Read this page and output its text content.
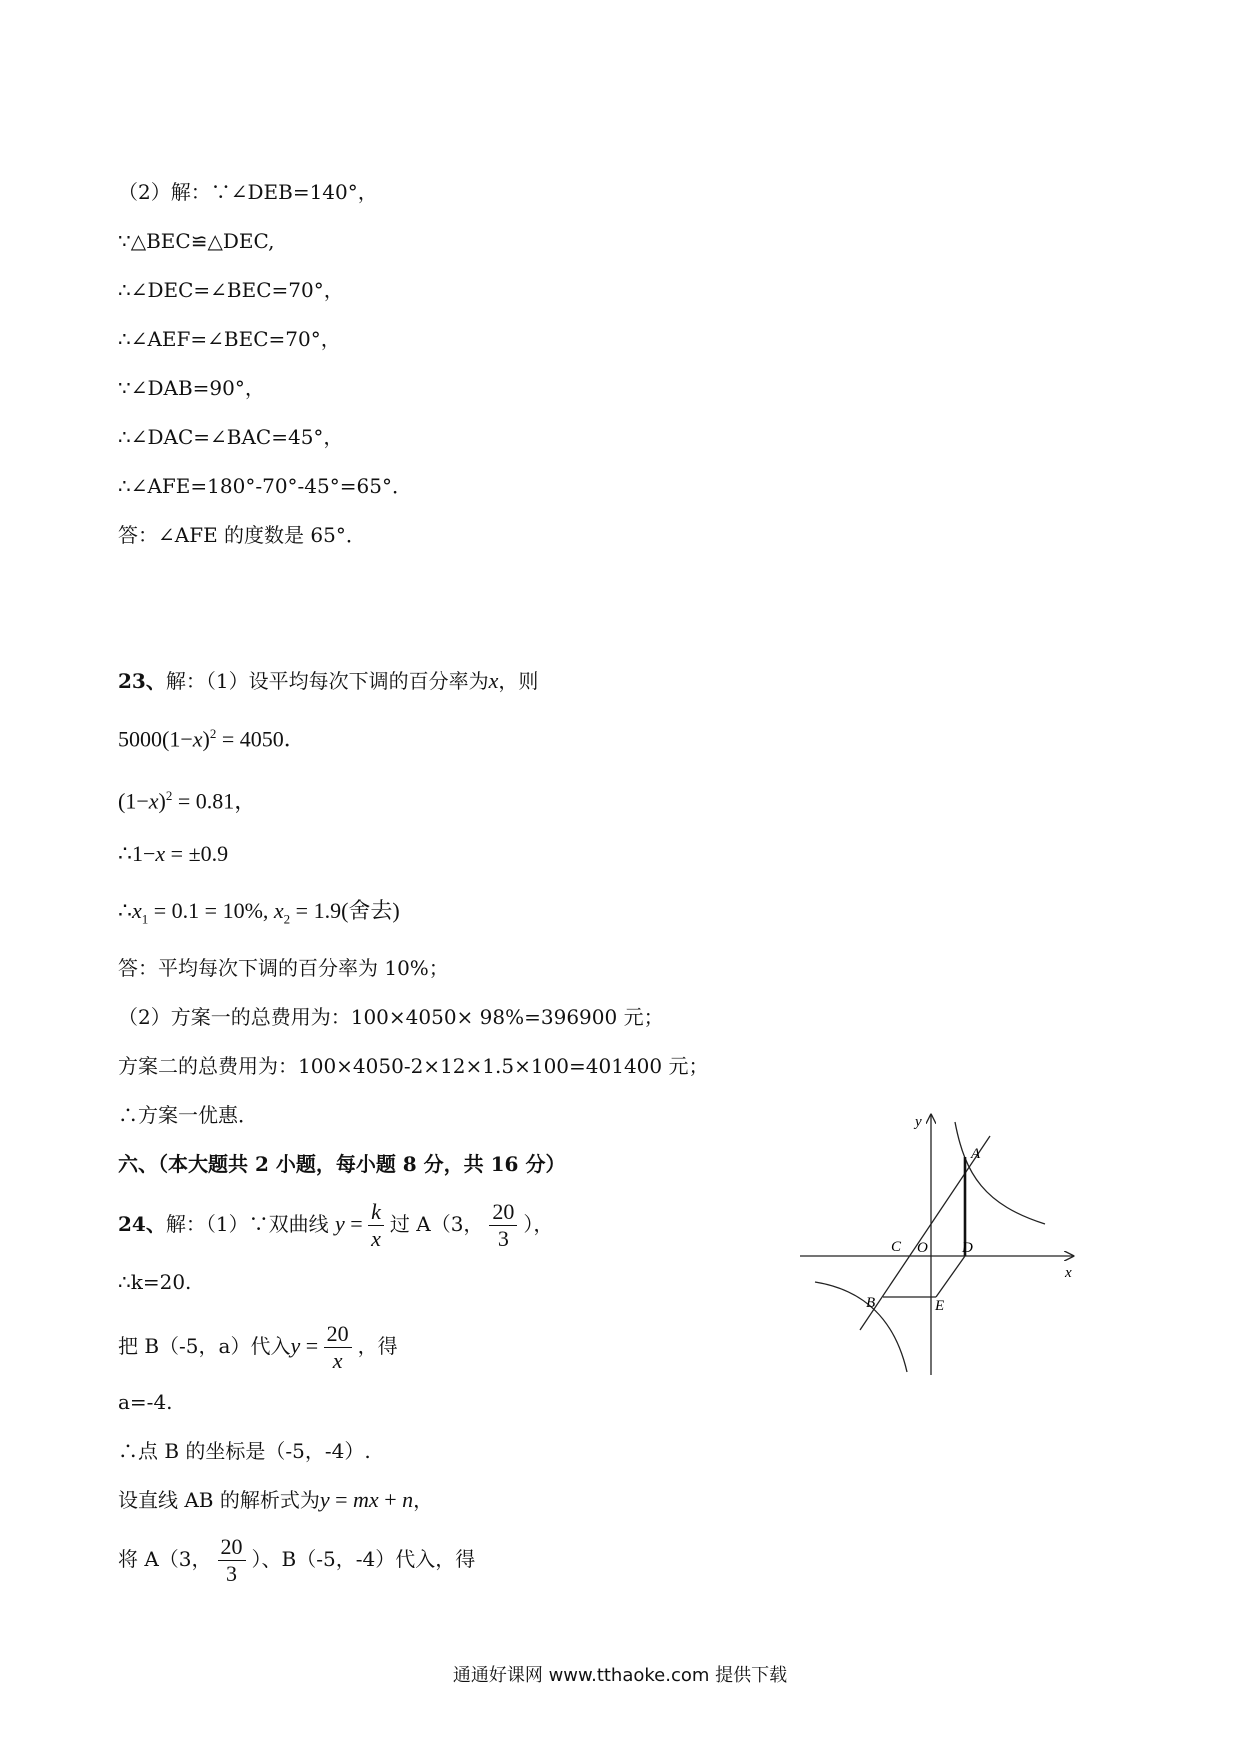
（2）解：∵∠DEB=140°，
∵△BEC≌△DEC,
∴∠DEC=∠BEC=70°，
∴∠AEF=∠BEC=70°，
∵∠DAB=90°，
∴∠DAC=∠BAC=45°，
∴∠AFE=180°-70°-45°=65°．
答：∠AFE 的度数是 65°．
23、解：（1）设平均每次下调的百分率为x，则
$5000(1-x)^2 = 4050$．
$(1-x)^2 = 0.81$，
∴1−x = ±0.9
$\therefore x_1 = 0.1 = 10\%$, $x_2 = 1.9$(舍去)
答：平均每次下调的百分率为 10%；
（2）方案一的总费用为：100×4050× 98%=396900 元；
方案二的总费用为：100×4050-2×12×1.5×100=401400 元；
∴方案一优惠．
六、（本大题共 2 小题，每小题 8 分，共 16 分）
24、解：（1）∵双曲线 $y = \frac{k}{x}$ 过 A（3， $\frac{20}{3}$ ），
∴k=20.
把 B（-5，a）代入$y = \frac{20}{x}$ ，得
a=-4.
∴点 B 的坐标是（-5，-4）.
设直线 AB 的解析式为y = mx + n，
将 A（3， $\frac{20}{3}$ ）、B（-5，-4）代入，得
y
x
A
C O D
B	E
通通好课网 www.tthaoke.com 提供下载
